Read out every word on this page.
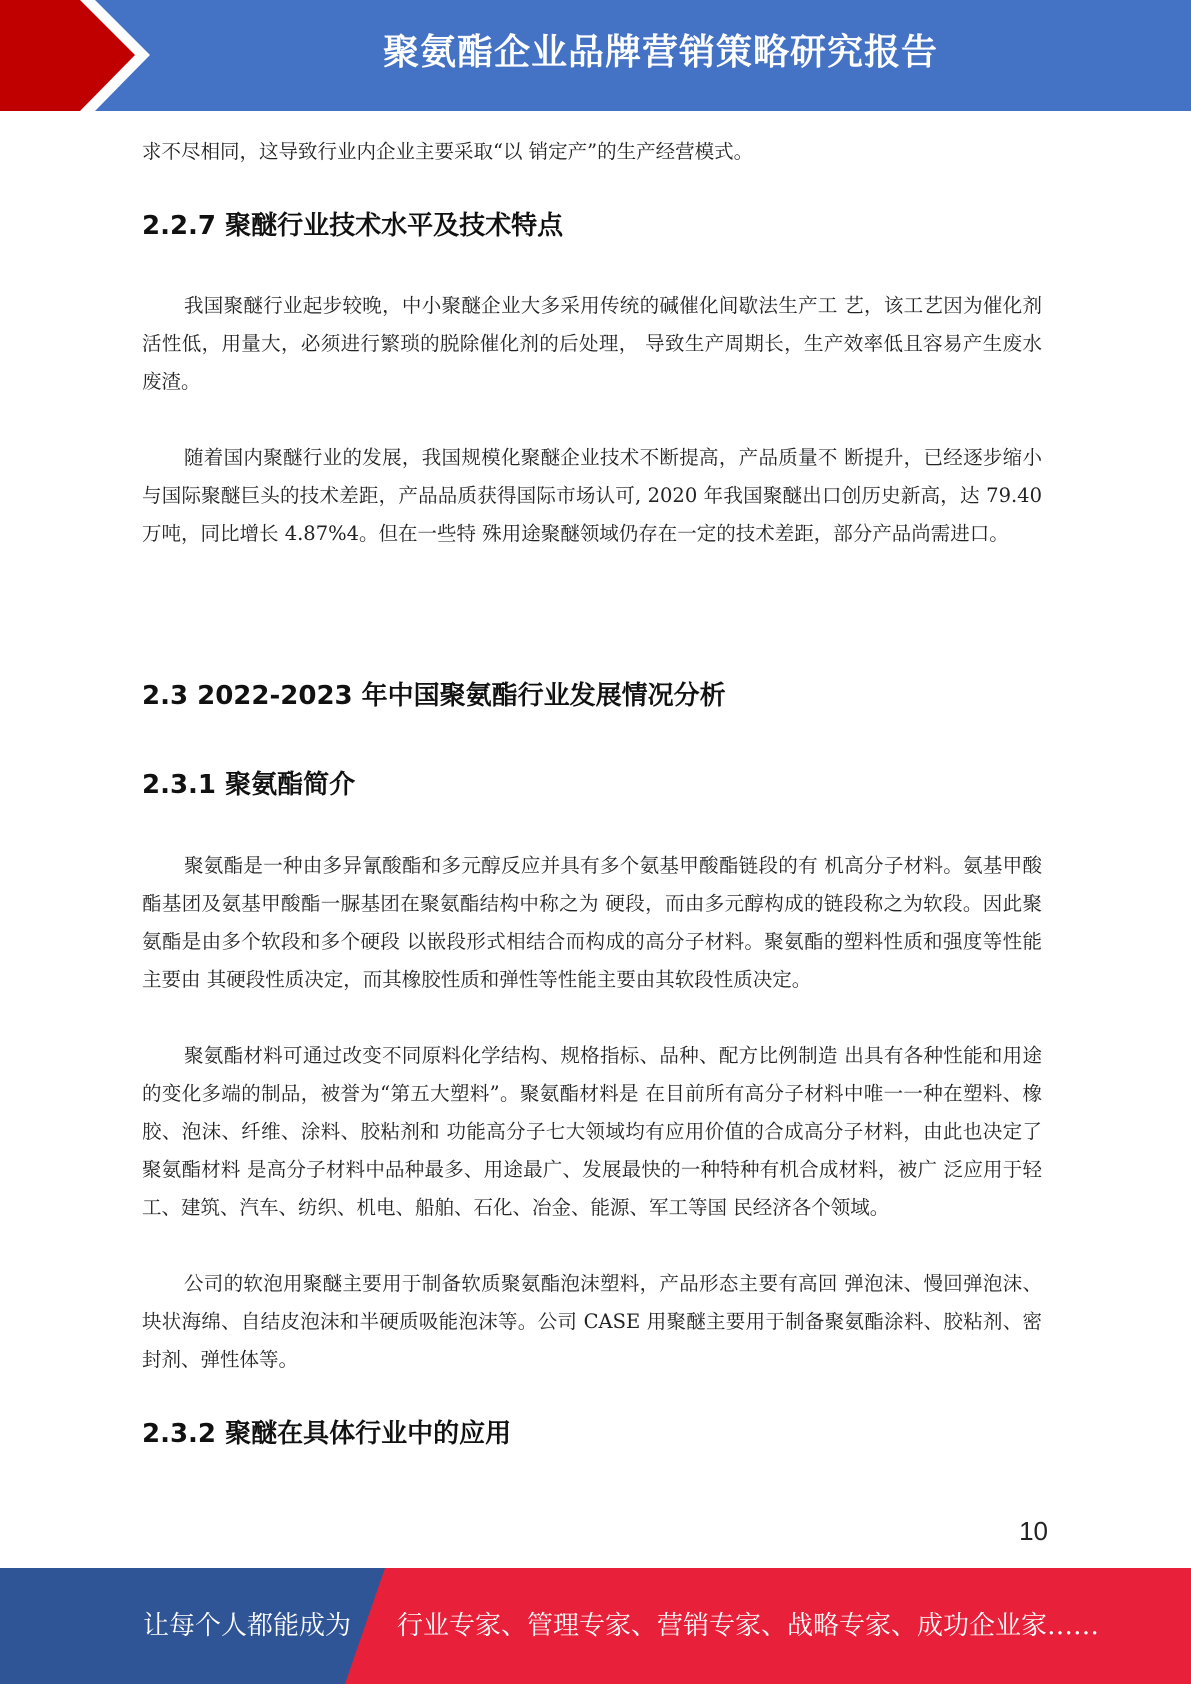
聚氨酯企业品牌营销策略研究报告

求不尽相同，这导致行业内企业主要采取“以 销定产”的生产经营模式。

2.2.7 聚醚行业技术水平及技术特点

我国聚醚行业起步较晚，中小聚醚企业大多采用传统的碱催化间歇法生产工 艺，该工艺因为催化剂活性低，用量大，必须进行繁琐的脱除催化剂的后处理， 导致生产周期长，生产效率低且容易产生废水废渣。

随着国内聚醚行业的发展，我国规模化聚醚企业技术不断提高，产品质量不 断提升，已经逐步缩小与国际聚醚巨头的技术差距，产品品质获得国际市场认可, 2020 年我国聚醚出口创历史新高，达 79.40 万吨，同比增长 4.87%4。但在一些特 殊用途聚醚领域仍存在一定的技术差距，部分产品尚需进口。

2.3 2022-2023 年中国聚氨酯行业发展情况分析
2.3.1 聚氨酯简介

聚氨酯是一种由多异氰酸酯和多元醇反应并具有多个氨基甲酸酯链段的有 机高分子材料。氨基甲酸酯基团及氨基甲酸酯一脲基团在聚氨酯结构中称之为 硬段，而由多元醇构成的链段称之为软段。因此聚氨酯是由多个软段和多个硬段 以嵌段形式相结合而构成的高分子材料。聚氨酯的塑料性质和强度等性能主要由 其硬段性质决定，而其橡胶性质和弹性等性能主要由其软段性质决定。

聚氨酯材料可通过改变不同原料化学结构、规格指标、品种、配方比例制造 出具有各种性能和用途的变化多端的制品，被誉为“第五大塑料”。聚氨酯材料是 在目前所有高分子材料中唯一一种在塑料、橡胶、泡沫、纤维、涂料、胶粘剂和 功能高分子七大领域均有应用价值的合成高分子材料，由此也决定了聚氨酯材料 是高分子材料中品种最多、用途最广、发展最快的一种特种有机合成材料，被广 泛应用于轻工、建筑、汽车、纺织、机电、船舶、石化、冶金、能源、军工等国 民经济各个领域。

公司的软泡用聚醚主要用于制备软质聚氨酯泡沫塑料，产品形态主要有高回 弹泡沫、慢回弹泡沫、块状海绵、自结皮泡沫和半硬质吸能泡沫等。公司 CASE 用聚醚主要用于制备聚氨酯涂料、胶粘剂、密封剂、弹性体等。

2.3.2 聚醚在具体行业中的应用
10
让每个人都能成为 行业专家、管理专家、营销专家、战略专家、成功企业家……
